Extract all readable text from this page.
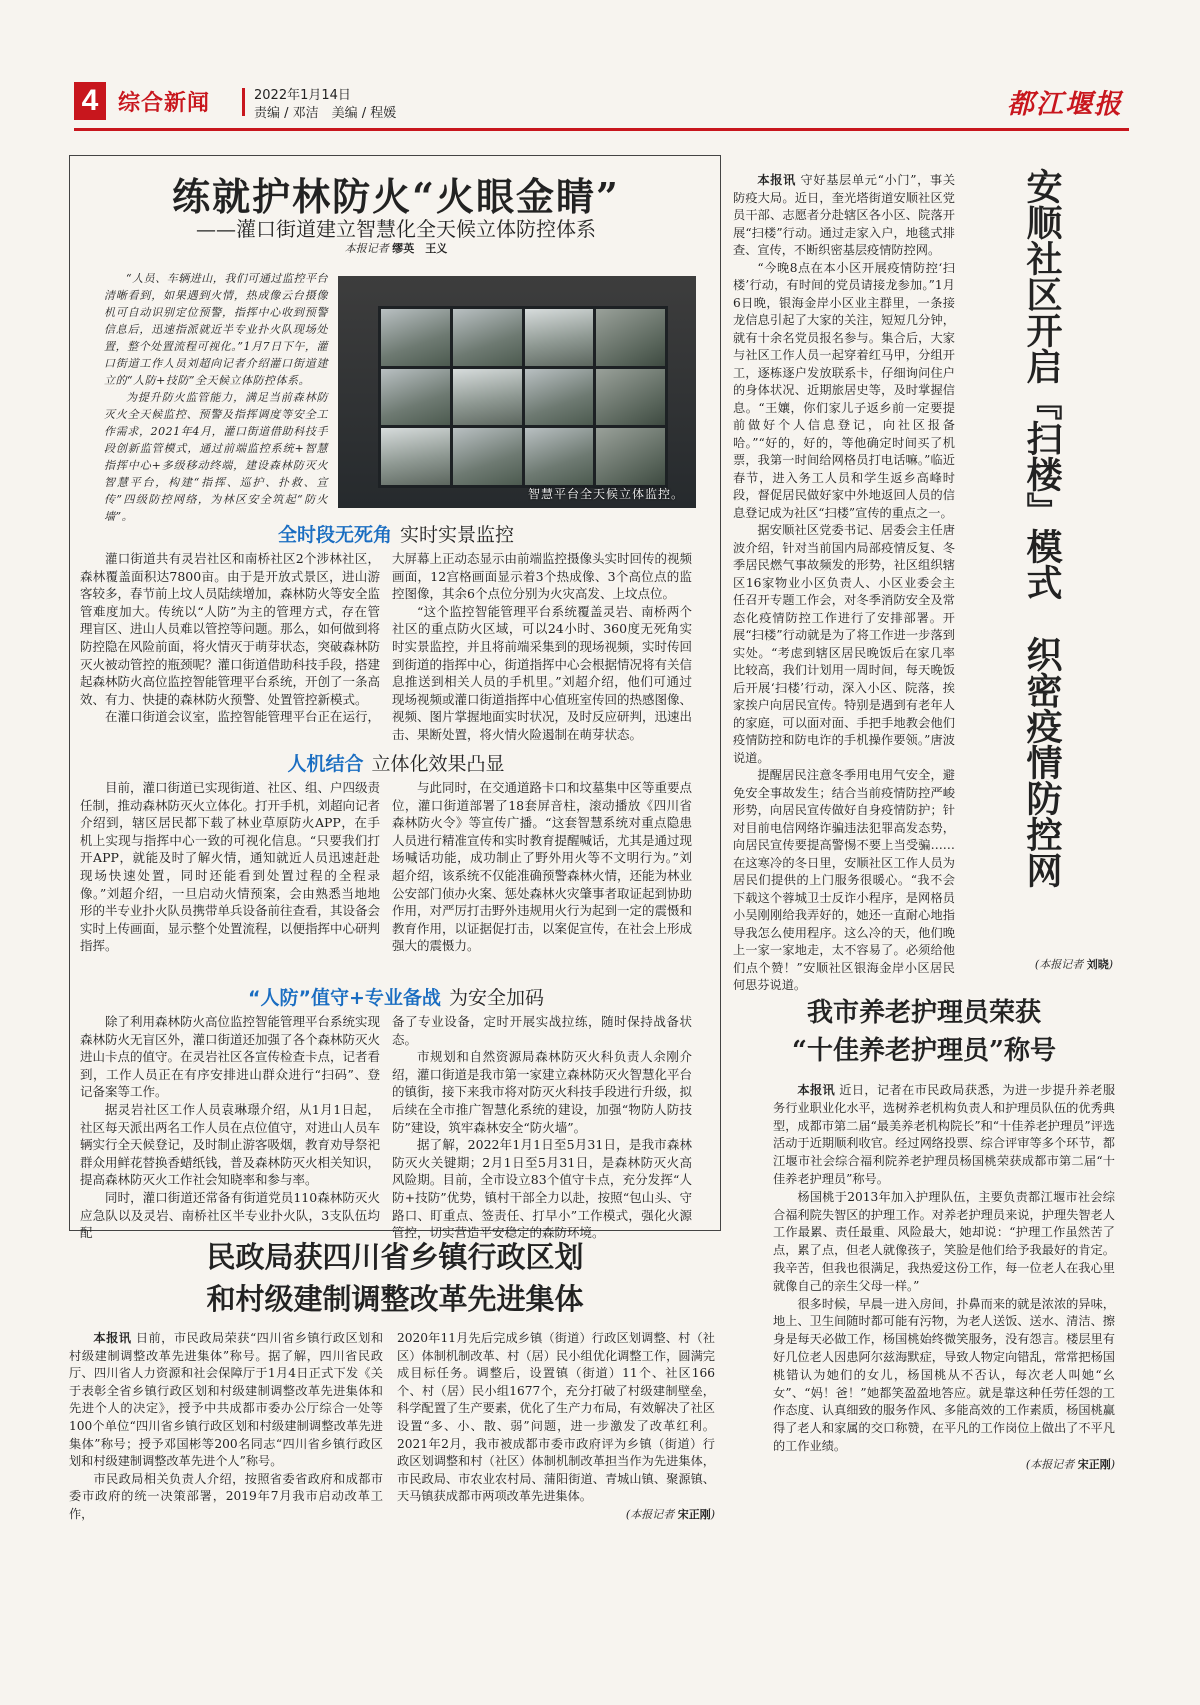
4 综合新闻	2022年1月14日
责编 / 邓洁　美编 / 程媛	都江堰报
练就护林防火“火眼金睛”
——灌口街道建立智慧化全天候立体防控体系
本报记者 缪英　王义

“人员、车辆进山，我们可通过监控平台清晰看到，如果遇到火情，热成像云台摄像机可自动识别定位预警，指挥中心收到预警信息后，迅速指派就近半专业扑火队现场处置，整个处置流程可视化。”1月7日下午，灌口街道工作人员刘超向记者介绍灌口街道建立的“人防+技防”全天候立体防控体系。

为提升防火监管能力，满足当前森林防灭火全天候监控、预警及指挥调度等安全工作需求，2021年4月，灌口街道借助科技手段创新监管模式，通过前端监控系统+智慧指挥中心+多级移动终端，建设森林防灭火智慧平台，构建“指挥、巡护、扑救、宣传”四级防控网络，为林区安全筑起“防火墙”。

智慧平台全天候立体监控。
全时段无死角 实时实景监控

灌口街道共有灵岩社区和南桥社区2个涉林社区，森林覆盖面积达7800亩。由于是开放式景区，进山游客较多，春节前上坟人员陆续增加，森林防火等安全监管难度加大。传统以“人防”为主的管理方式，存在管理盲区、进山人员难以管控等问题。那么，如何做到将防控隐在风险前面，将火情灭于萌芽状态，突破森林防灭火被动管控的瓶颈呢？灌口街道借助科技手段，搭建起森林防火高位监控智能管理平台系统，开创了一条高效、有力、快捷的森林防火预警、处置管控新模式。

在灌口街道会议室，监控智能管理平台正在运行，

大屏幕上正动态显示由前端监控摄像头实时回传的视频画面，12宫格画面显示着3个热成像、3个高位点的监控图像，其余6个点位分别为火灾高发、上坟点位。

“这个监控智能管理平台系统覆盖灵岩、南桥两个社区的重点防火区域，可以24小时、360度无死角实时实景监控，并且将前端采集到的现场视频，实时传回到街道的指挥中心，街道指挥中心会根据情况将有关信息推送到相关人员的手机里。”刘超介绍，他们可通过现场视频或灌口街道指挥中心值班室传回的热感图像、视频、图片掌握地面实时状况，及时反应研判，迅速出击、果断处置，将火情火险遏制在萌芽状态。

人机结合 立体化效果凸显

目前，灌口街道已实现街道、社区、组、户四级责任制，推动森林防灭火立体化。打开手机，刘超向记者介绍到，辖区居民都下载了林业草原防火APP，在手机上实现与指挥中心一致的可视化信息。“只要我们打开APP，就能及时了解火情，通知就近人员迅速赶赴现场快速处置，同时还能看到处置过程的全程录像。”刘超介绍，一旦启动火情预案，会由熟悉当地地形的半专业扑火队员携带单兵设备前往查看，其设备会实时上传画面，显示整个处置流程，以便指挥中心研判指挥。

与此同时，在交通道路卡口和坟墓集中区等重要点位，灌口街道部署了18套屏音柱，滚动播放《四川省森林防火令》等宣传广播。“这套智慧系统对重点隐患人员进行精准宣传和实时教育提醒喊话，尤其是通过现场喊话功能，成功制止了野外用火等不文明行为。”刘超介绍，该系统不仅能准确预警森林火情，还能为林业公安部门侦办火案、惩处森林火灾肇事者取证起到协助作用，对严厉打击野外违规用火行为起到一定的震慑和教育作用，以证据促打击，以案促宣传，在社会上形成强大的震慑力。

“人防”值守+专业备战 为安全加码

除了利用森林防火高位监控智能管理平台系统实现森林防火无盲区外，灌口街道还加强了各个森林防灭火进山卡点的值守。在灵岩社区各宣传检查卡点，记者看到，工作人员正在有序安排进山群众进行“扫码”、登记备案等工作。

据灵岩社区工作人员袁琳璟介绍，从1月1日起，社区每天派出两名工作人员在点位值守，对进山人员车辆实行全天候登记，及时制止游客吸烟，教育劝导祭祀群众用鲜花替换香蜡纸钱，普及森林防灭火相关知识，提高森林防灭火工作社会知晓率和参与率。

同时，灌口街道还常备有街道党员110森林防灭火应急队以及灵岩、南桥社区半专业扑火队，3支队伍均配

备了专业设备，定时开展实战拉练，随时保持战备状态。

市规划和自然资源局森林防灭火科负责人余刚介绍，灌口街道是我市第一家建立森林防灭火智慧化平台的镇街，接下来我市将对防灭火科技手段进行升级，拟后续在全市推广智慧化系统的建设，加强“物防人防技防”建设，筑牢森林安全“防火墙”。

据了解，2022年1月1日至5月31日，是我市森林防灭火关键期；2月1日至5月31日，是森林防灭火高风险期。目前，全市设立83个值守卡点，充分发挥“人防+技防”优势，镇村干部全力以赴，按照“包山头、守路口、盯重点、签责任、打早小”工作模式，强化火源管控，切实营造平安稳定的森防环境。

本报讯 守好基层单元“小门”，事关防疫大局。近日，奎光塔街道安顺社区党员干部、志愿者分赴辖区各小区、院落开展“扫楼”行动。通过走家入户，地毯式排查、宣传，不断织密基层疫情防控网。

“今晚8点在本小区开展疫情防控‘扫楼’行动，有时间的党员请接龙参加。”1月6日晚，银海金岸小区业主群里，一条接龙信息引起了大家的关注，短短几分钟，就有十余名党员报名参与。集合后，大家与社区工作人员一起穿着红马甲，分组开工，逐栋逐户发放联系卡，仔细询问住户的身体状况、近期旅居史等，及时掌握信息。“王孃，你们家儿子返乡前一定要提前做好个人信息登记，向社区报备哈。”“好的，好的，等他确定时间买了机票，我第一时间给网格员打电话嘛。”临近春节，进入务工人员和学生返乡高峰时段，督促居民做好家中外地返回人员的信息登记成为社区“扫楼”宣传的重点之一。

据安顺社区党委书记、居委会主任唐波介绍，针对当前国内局部疫情反复、冬季居民燃气事故频发的形势，社区组织辖区16家物业小区负责人、小区业委会主任召开专题工作会，对冬季消防安全及常态化疫情防控工作进行了安排部署。开展“扫楼”行动就是为了将工作进一步落到实处。“考虑到辖区居民晚饭后在家几率比较高，我们计划用一周时间，每天晚饭后开展‘扫楼’行动，深入小区、院落，挨家挨户向居民宣传。特别是遇到有老年人的家庭，可以面对面、手把手地教会他们疫情防控和防电诈的手机操作要领。”唐波说道。

提醒居民注意冬季用电用气安全，避免安全事故发生；结合当前疫情防控严峻形势，向居民宣传做好自身疫情防护；针对目前电信网络诈骗违法犯罪高发态势，向居民宣传要提高警惕不要上当受骗……在这寒冷的冬日里，安顺社区工作人员为居民们提供的上门服务很暖心。“我不会下载这个蓉城卫士反诈小程序，是网格员小吴刚刚给我弄好的，她还一直耐心地指导我怎么使用程序。这么冷的天，他们晚上一家一家地走，太不容易了。必须给他们点个赞！”安顺社区银海金岸小区居民何思芬说道。

安顺社区开启『扫楼』模式　织密疫情防控网
(本报记者 刘晓)
我市养老护理员荣获
“十佳养老护理员”称号

本报讯 近日，记者在市民政局获悉，为进一步提升养老服务行业职业化水平，选树养老机构负责人和护理员队伍的优秀典型，成都市第二届“最美养老机构院长”和“十佳养老护理员”评选活动于近期顺利收官。经过网络投票、综合评审等多个环节，都江堰市社会综合福利院养老护理员杨国桃荣获成都市第二届“十佳养老护理员”称号。

杨国桃于2013年加入护理队伍，主要负责都江堰市社会综合福利院失智区的护理工作。对养老护理员来说，护理失智老人工作最累、责任最重、风险最大，她却说：“护理工作虽然苦了点，累了点，但老人就像孩子，笑脸是他们给予我最好的肯定。我辛苦，但我也很满足，我热爱这份工作，每一位老人在我心里就像自己的亲生父母一样。”

很多时候，早晨一进入房间，扑鼻而来的就是浓浓的异味，地上、卫生间随时都可能有污物，为老人送饭、送水、清洁、擦身是每天必做工作，杨国桃始终微笑服务，没有怨言。楼层里有好几位老人因患阿尔兹海默症，导致人物定向错乱，常常把杨国桃错认为她们的女儿，杨国桃从不否认，每次老人叫她“幺女”、“妈！爸！”她都笑盈盈地答应。就是靠这种任劳任怨的工作态度、认真细致的服务作风、多能高效的工作素质，杨国桃赢得了老人和家属的交口称赞，在平凡的工作岗位上做出了不平凡的工作业绩。

(本报记者 宋正刚)
民政局获四川省乡镇行政区划
和村级建制调整改革先进集体

本报讯 日前，市民政局荣获“四川省乡镇行政区划和村级建制调整改革先进集体”称号。据了解，四川省民政厅、四川省人力资源和社会保障厅于1月4日正式下发《关于表彰全省乡镇行政区划和村级建制调整改革先进集体和先进个人的决定》，授予中共成都市委办公厅综合一处等100个单位“四川省乡镇行政区划和村级建制调整改革先进集体”称号；授予邓国彬等200名同志“四川省乡镇行政区划和村级建制调整改革先进个人”称号。

市民政局相关负责人介绍，按照省委省政府和成都市委市政府的统一决策部署，2019年7月我市启动改革工作，

2020年11月先后完成乡镇（街道）行政区划调整、村（社区）体制机制改革、村（居）民小组优化调整工作，圆满完成目标任务。调整后，设置镇（街道）11个、社区166个、村（居）民小组1677个，充分打破了村级建制壁垒，科学配置了生产要素，优化了生产力布局，有效解决了社区设置“多、小、散、弱”问题，进一步激发了改革红利。2021年2月，我市被成都市委市政府评为乡镇（街道）行政区划调整和村（社区）体制机制改革担当作为先进集体，市民政局、市农业农村局、蒲阳街道、青城山镇、聚源镇、天马镇获成都市两项改革先进集体。

(本报记者 宋正刚)
